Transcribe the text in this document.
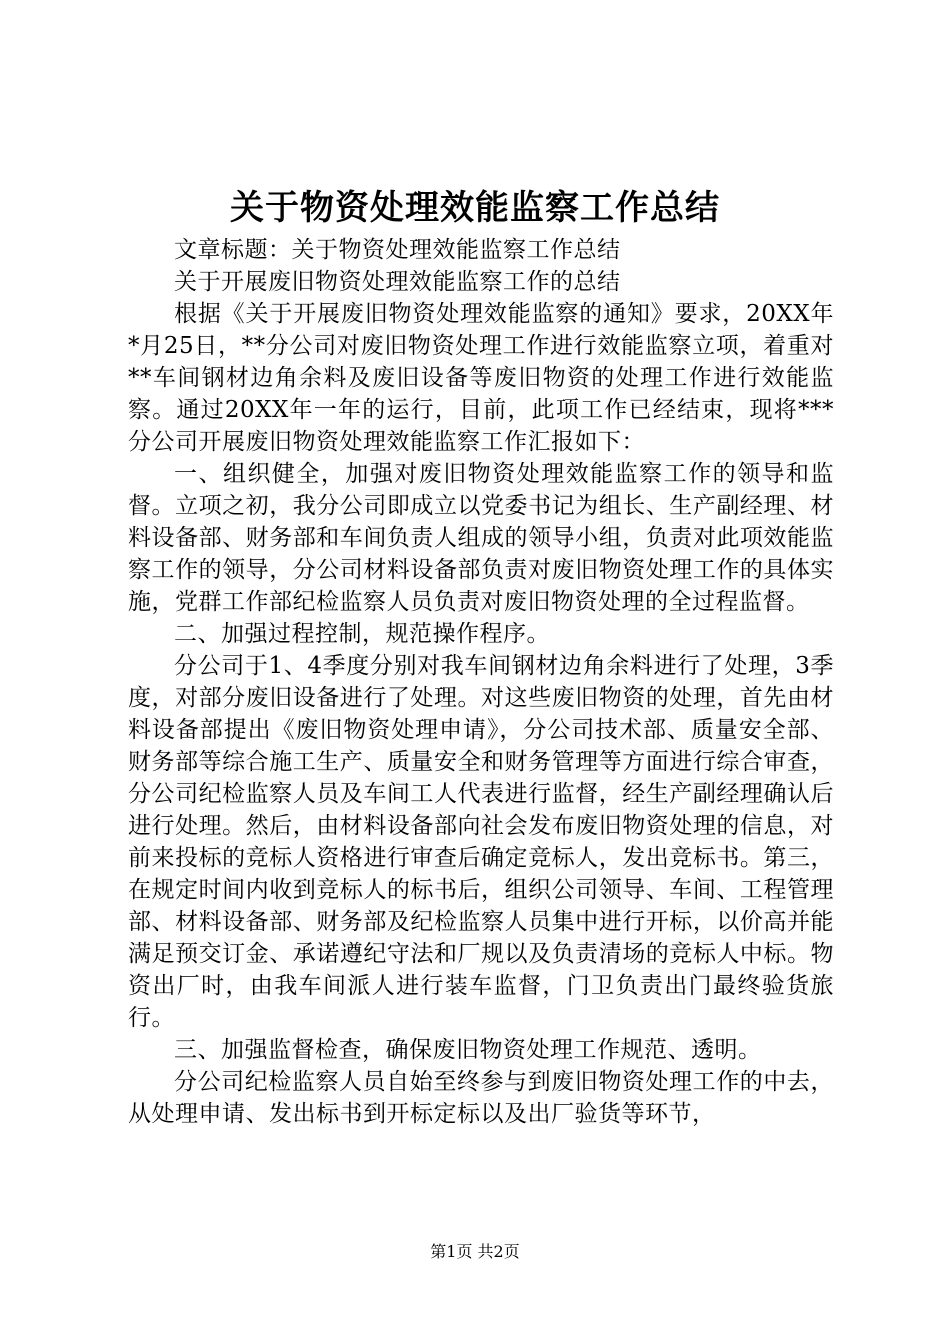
关于物资处理效能监察工作总结

文章标题：关于物资处理效能监察工作总结

关于开展废旧物资处理效能监察工作的总结

根据《关于开展废旧物资处理效能监察的通知》要求，20XX年*月25日，**分公司对废旧物资处理工作进行效能监察立项，着重对**车间钢材边角余料及废旧设备等废旧物资的处理工作进行效能监察。通过20XX年一年的运行，目前，此项工作已经结束，现将***分公司开展废旧物资处理效能监察工作汇报如下：

一、组织健全，加强对废旧物资处理效能监察工作的领导和监督。立项之初，我分公司即成立以党委书记为组长、生产副经理、材料设备部、财务部和车间负责人组成的领导小组，负责对此项效能监察工作的领导，分公司材料设备部负责对废旧物资处理工作的具体实施，党群工作部纪检监察人员负责对废旧物资处理的全过程监督。

二、加强过程控制，规范操作程序。

分公司于1、4季度分别对我车间钢材边角余料进行了处理，3季度，对部分废旧设备进行了处理。对这些废旧物资的处理，首先由材料设备部提出《废旧物资处理申请》，分公司技术部、质量安全部、财务部等综合施工生产、质量安全和财务管理等方面进行综合审查，分公司纪检监察人员及车间工人代表进行监督，经生产副经理确认后进行处理。然后，由材料设备部向社会发布废旧物资处理的信息，对前来投标的竞标人资格进行审查后确定竞标人，发出竞标书。第三，在规定时间内收到竞标人的标书后，组织公司领导、车间、工程管理部、材料设备部、财务部及纪检监察人员集中进行开标，以价高并能满足预交订金、承诺遵纪守法和厂规以及负责清场的竞标人中标。物资出厂时，由我车间派人进行装车监督，门卫负责出门最终验货旅行。

三、加强监督检查，确保废旧物资处理工作规范、透明。

分公司纪检监察人员自始至终参与到废旧物资处理工作的中去，从处理申请、发出标书到开标定标以及出厂验货等环节，

第1页 共2页
